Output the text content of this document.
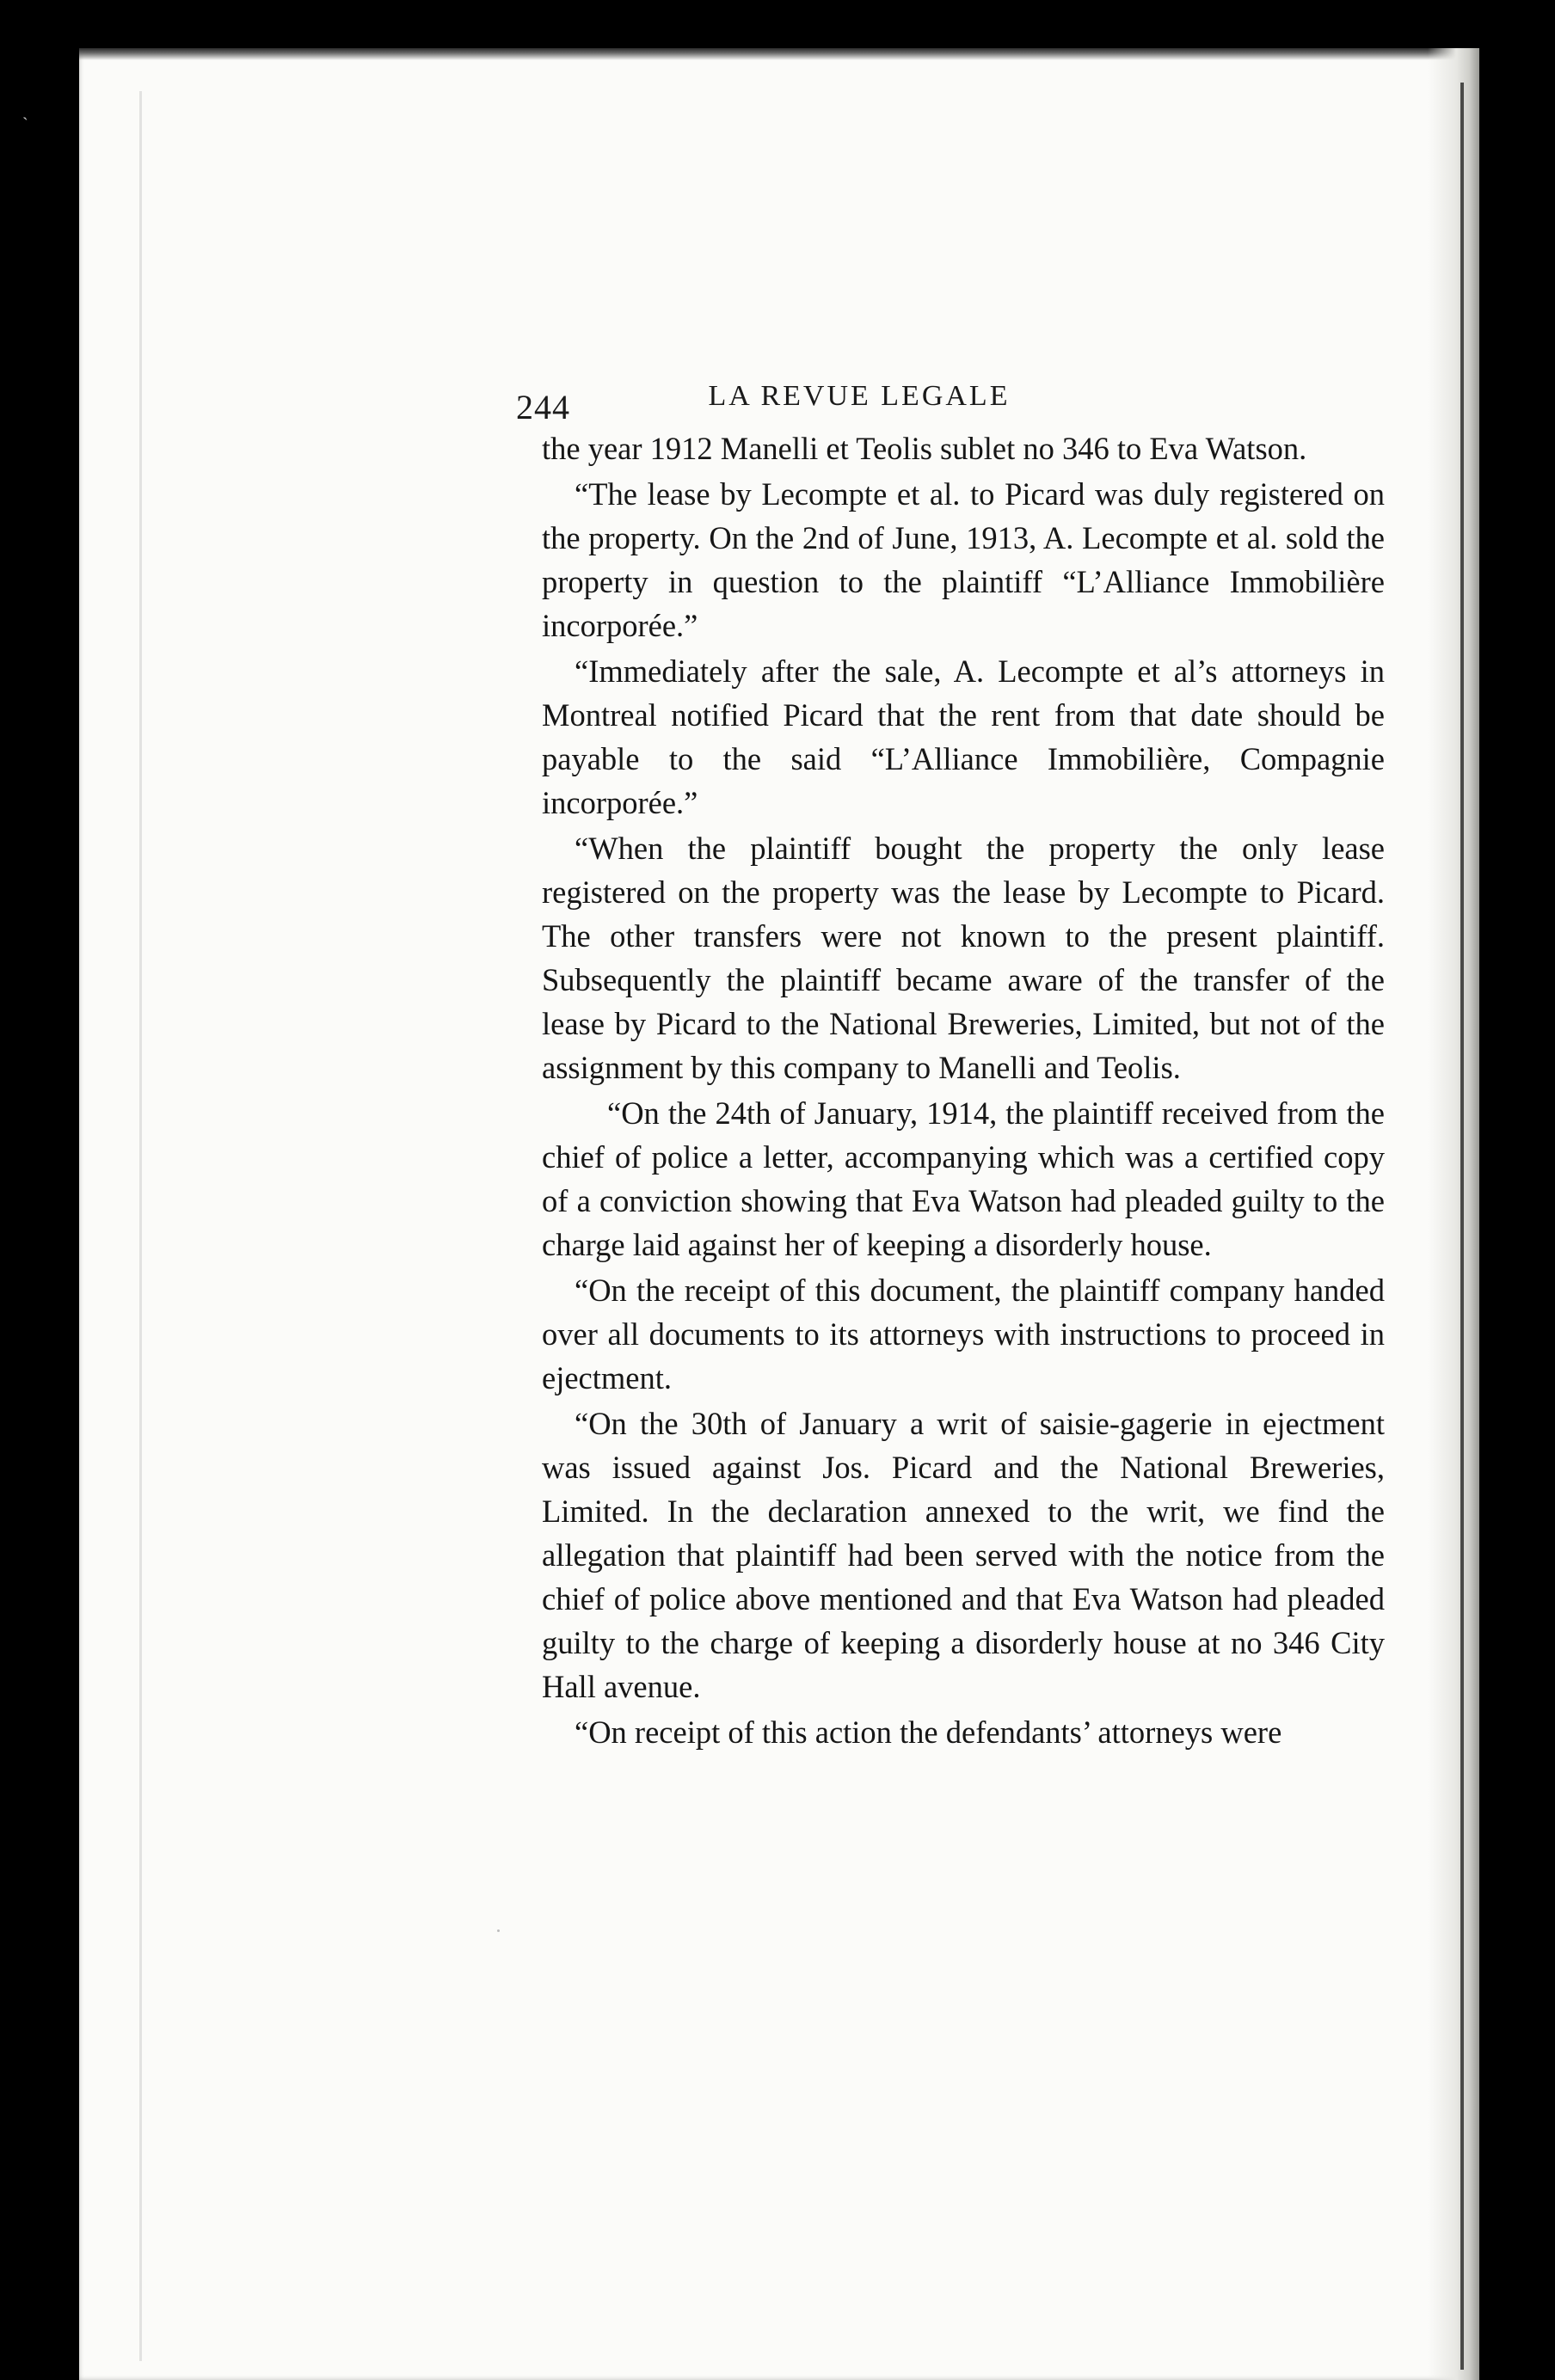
ˎ
244	LA REVUE LEGALE

the year 1912 Manelli et Teolis sublet no 346 to Eva Watson.

“The lease by Lecompte et al. to Picard was duly registered on the property. On the 2nd of June, 1913, A. Lecompte et al. sold the property in question to the plaintiff “L’Alliance Immobilière incorporée.”

“Immediately after the sale, A. Lecompte et al’s attorneys in Montreal notified Picard that the rent from that date should be payable to the said “L’Alliance Immobilière, Compagnie incorporée.”

“When the plaintiff bought the property the only lease registered on the property was the lease by Lecompte to Picard. The other transfers were not known to the present plaintiff. Subsequently the plaintiff became aware of the transfer of the lease by Picard to the National Breweries, Limited, but not of the assignment by this company to Manelli and Teolis.

“On the 24th of January, 1914, the plaintiff received from the chief of police a letter, accompanying which was a certified copy of a conviction showing that Eva Watson had pleaded guilty to the charge laid against her of keeping a disorderly house.

“On the receipt of this document, the plaintiff company handed over all documents to its attorneys with instructions to proceed in ejectment.

“On the 30th of January a writ of saisie-gagerie in ejectment was issued against Jos. Picard and the National Breweries, Limited. In the declaration annexed to the writ, we find the allegation that plaintiff had been served with the notice from the chief of police above mentioned and that Eva Watson had pleaded guilty to the charge of keeping a disorderly house at no 346 City Hall avenue.

“On receipt of this action the defendants’ attorneys were
